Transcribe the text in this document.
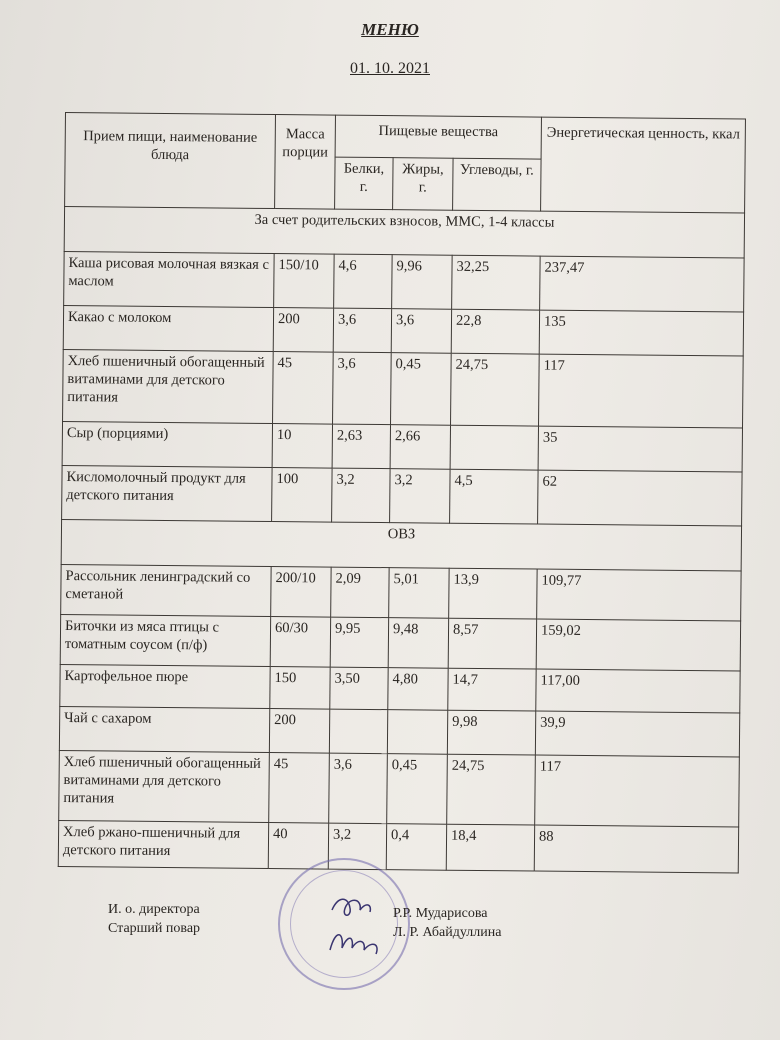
МЕНЮ
01. 10. 2021
Прием пищи, наименование блюда	Масса порции	Пищевые вещества			Энергетическая ценность, ккал
		Белки, г.	Жиры, г.	Углеводы, г.	
За счет родительских взносов, ММС, 1-4 классы					
Каша рисовая молочная вязкая с маслом	150/10	4,6	9,96	32,25	237,47
Какао с молоком	200	3,6	3,6	22,8	135
Хлеб пшеничный обогащенный витаминами для детского питания	45	3,6	0,45	24,75	117
Сыр (порциями)	10	2,63	2,66		35
Кисломолочный продукт для детского питания	100	3,2	3,2	4,5	62
ОВЗ					
Рассольник ленинградский со сметаной	200/10	2,09	5,01	13,9	109,77
Биточки из мяса птицы с томатным соусом (п/ф)	60/30	9,95	9,48	8,57	159,02
Картофельное пюре	150	3,50	4,80	14,7	117,00
Чай с сахаром	200			9,98	39,9
Хлеб пшеничный обогащенный витаминами для детского питания	45	3,6	0,45	24,75	117
Хлеб ржано-пшеничный для детского питания	40	3,2	0,4	18,4	88
И. о. директора
Старший повар
Р.Р. Мударисова
Л. Р. Абайдуллина
